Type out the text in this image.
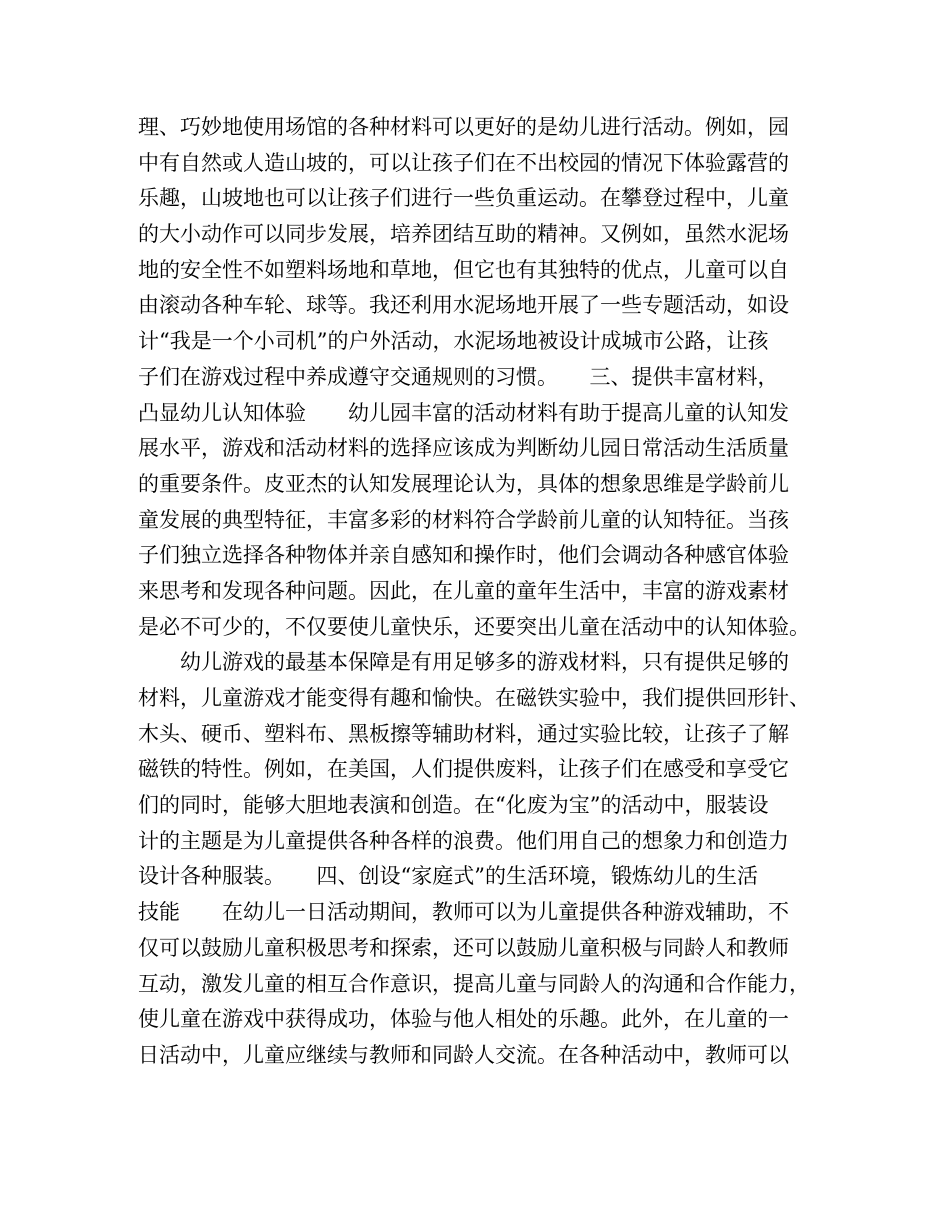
理、巧妙地使用场馆的各种材料可以更好的是幼儿进行活动。例如，园
中有自然或人造山坡的，可以让孩子们在不出校园的情况下体验露营的
乐趣，山坡地也可以让孩子们进行一些负重运动。在攀登过程中，儿童
的大小动作可以同步发展，培养团结互助的精神。又例如，虽然水泥场
地的安全性不如塑料场地和草地，但它也有其独特的优点，儿童可以自
由滚动各种车轮、球等。我还利用水泥场地开展了一些专题活动，如设
计“我是一个小司机”的户外活动，水泥场地被设计成城市公路，让孩
子们在游戏过程中养成遵守交通规则的习惯。　　三、提供丰富材料，
凸显幼儿认知体验　　幼儿园丰富的活动材料有助于提高儿童的认知发
展水平，游戏和活动材料的选择应该成为判断幼儿园日常活动生活质量
的重要条件。皮亚杰的认知发展理论认为，具体的想象思维是学龄前儿
童发展的典型特征，丰富多彩的材料符合学龄前儿童的认知特征。当孩
子们独立选择各种物体并亲自感知和操作时，他们会调动各种感官体验
来思考和发现各种问题。因此，在儿童的童年生活中，丰富的游戏素材
是必不可少的，不仅要使儿童快乐，还要突出儿童在活动中的认知体验。
幼儿游戏的最基本保障是有用足够多的游戏材料，只有提供足够的
材料，儿童游戏才能变得有趣和愉快。在磁铁实验中，我们提供回形针、
木头、硬币、塑料布、黑板擦等辅助材料，通过实验比较，让孩子了解
磁铁的特性。例如，在美国，人们提供废料，让孩子们在感受和享受它
们的同时，能够大胆地表演和创造。在“化废为宝”的活动中，服装设
计的主题是为儿童提供各种各样的浪费。他们用自己的想象力和创造力
设计各种服装。　　四、创设“家庭式”的生活环境，锻炼幼儿的生活
技能　　在幼儿一日活动期间，教师可以为儿童提供各种游戏辅助，不
仅可以鼓励儿童积极思考和探索，还可以鼓励儿童积极与同龄人和教师
互动，激发儿童的相互合作意识，提高儿童与同龄人的沟通和合作能力，
使儿童在游戏中获得成功，体验与他人相处的乐趣。此外，在儿童的一
日活动中，儿童应继续与教师和同龄人交流。在各种活动中，教师可以
